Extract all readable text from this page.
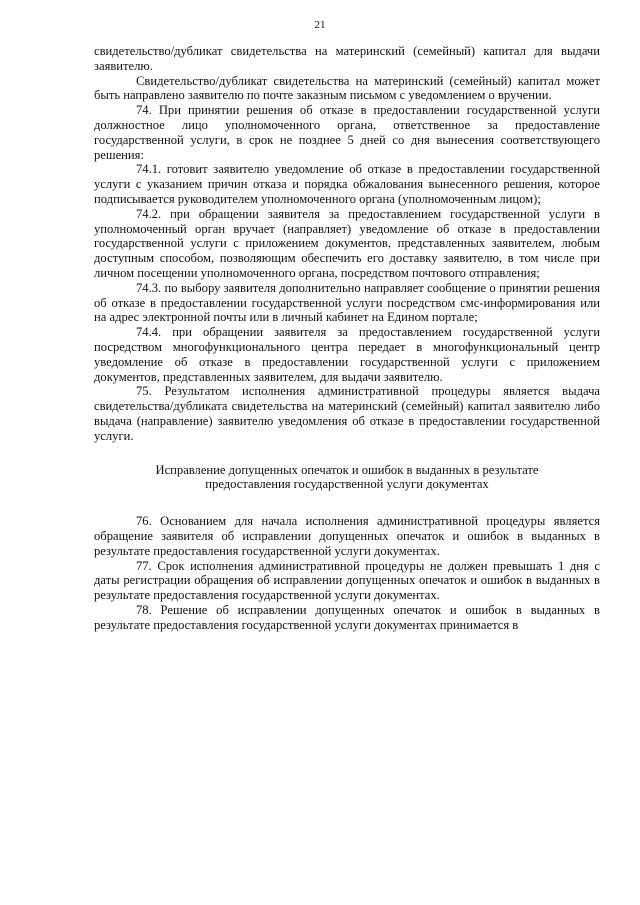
21

свидетельство/дубликат свидетельства на материнский (семейный) капитал для выдачи заявителю.

Свидетельство/дубликат свидетельства на материнский (семейный) капитал может быть направлено заявителю по почте заказным письмом с уведомлением о вручении.

74. При принятии решения об отказе в предоставлении государственной услуги должностное лицо уполномоченного органа, ответственное за предоставление государственной услуги, в срок не позднее 5 дней со дня вынесения соответствующего решения:

74.1. готовит заявителю уведомление об отказе в предоставлении государственной услуги с указанием причин отказа и порядка обжалования вынесенного решения, которое подписывается руководителем уполномоченного органа (уполномоченным лицом);

74.2. при обращении заявителя за предоставлением государственной услуги в уполномоченный орган вручает (направляет) уведомление об отказе в предоставлении государственной услуги с приложением документов, представленных заявителем, любым доступным способом, позволяющим обеспечить его доставку заявителю, в том числе при личном посещении уполномоченного органа, посредством почтового отправления;

74.3. по выбору заявителя дополнительно направляет сообщение о принятии решения об отказе в предоставлении государственной услуги посредством смс-информирования или на адрес электронной почты или в личный кабинет на Едином портале;

74.4. при обращении заявителя за предоставлением государственной услуги посредством многофункционального центра передает в многофункциональный центр уведомление об отказе в предоставлении государственной услуги с приложением документов, представленных заявителем, для выдачи заявителю.

75. Результатом исполнения административной процедуры является выдача свидетельства/дубликата свидетельства на материнский (семейный) капитал заявителю либо выдача (направление) заявителю уведомления об отказе в предоставлении государственной услуги.

Исправление допущенных опечаток и ошибок в выданных в результате
предоставления государственной услуги документах

76. Основанием для начала исполнения административной процедуры является обращение заявителя об исправлении допущенных опечаток и ошибок в выданных в результате предоставления государственной услуги документах.

77. Срок исполнения административной процедуры не должен превышать 1 дня с даты регистрации обращения об исправлении допущенных опечаток и ошибок в выданных в результате предоставления государственной услуги документах.

78. Решение об исправлении допущенных опечаток и ошибок в выданных в результате предоставления государственной услуги документах принимается в
